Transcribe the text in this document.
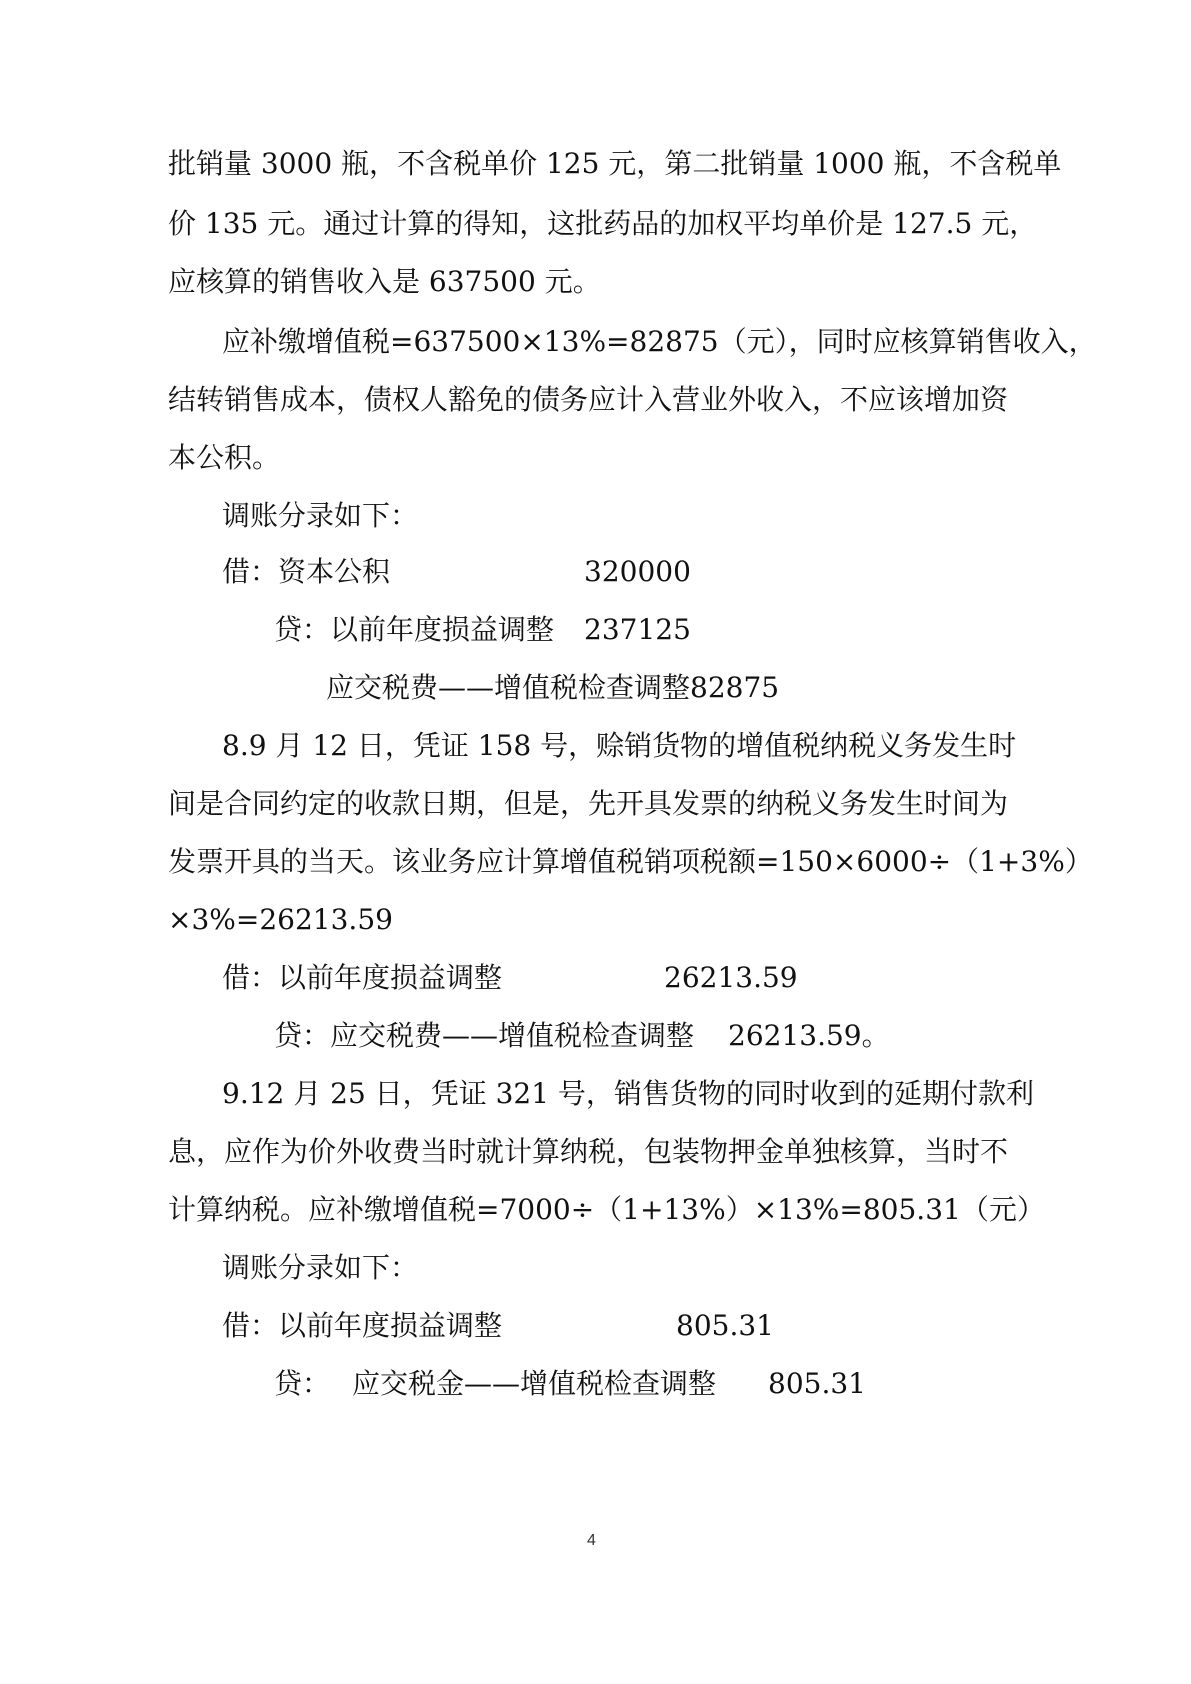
批销量 3000 瓶， 不含税单价 125 元， 第二批销量 1000 瓶， 不含税单
价 135 元。 通过计算的得知， 这批药品的加权平均单价是 127.5 元，
应核算的销售收入是 637500 元。
应补缴增值税=637500×13%=82875（元）， 同时应核算销售收入，
结转销售成本， 债权人豁免的债务应计入营业外收入， 不应该增加资
本公积。
调账分录如下：
借：资本公积	320000
贷：以前年度损益调整 237125
应交税费——增值税检查调整 82875
8.9 月 12 日， 凭证 158 号， 赊销货物的增值税纳税义务发生时
间是合同约定的收款日期， 但是， 先开具发票的纳税义务发生时间为
发票开具的当天。 该业务应计算增值税销项税额=150×6000÷（1+3%）
×3%=26213.59
借：以前年度损益调整	26213.59
贷：应交税费——增值税检查调整 26213.59。
9.12 月 25 日， 凭证 321 号， 销售货物的同时收到的延期付款利
息， 应作为价外收费当时就计算纳税， 包装物押金单独核算， 当时不
计算纳税。应补缴增值税=7000÷（1+13%）×13%=805.31（元）
调账分录如下：
借：以前年度损益调整	805.31
贷： 应交税金——增值税检查调整 805.31
4
